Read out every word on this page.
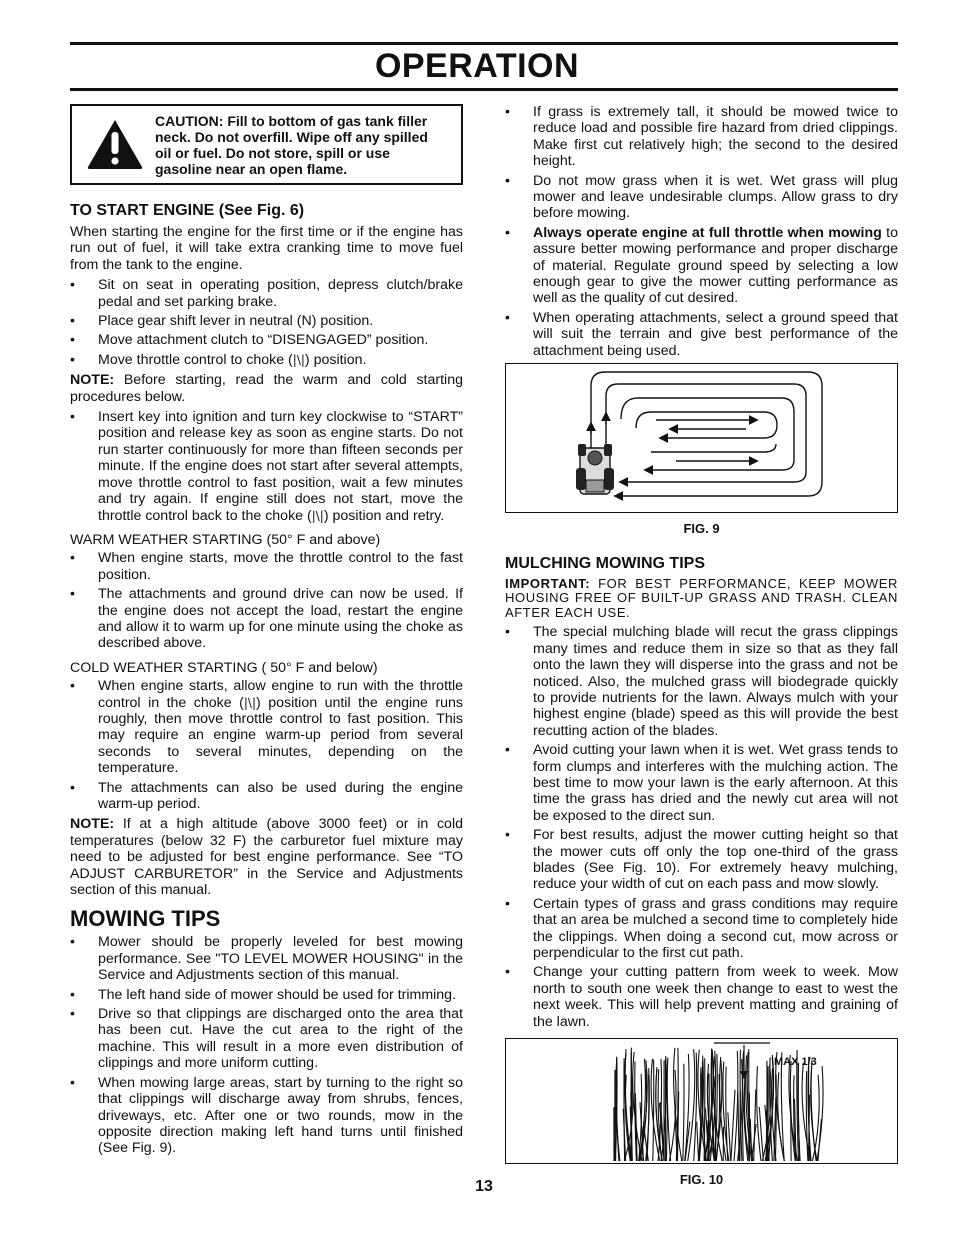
OPERATION
CAUTION: Fill to bottom of gas tank filler neck. Do not overfill. Wipe off any spilled oil or fuel. Do not store, spill or use gasoline near an open flame.
TO START ENGINE (See Fig. 6)

When starting the engine for the first time or if the engine has run out of fuel, it will take extra cranking time to move fuel from the tank to the engine.

• Sit on seat in operating position, depress clutch/brake pedal and set parking brake.
• Place gear shift lever in neutral (N) position.
• Move attachment clutch to “DISENGAGED” position.
• Move throttle control to choke (|\|) position.

NOTE: Before starting, read the warm and cold starting procedures below.

• Insert key into ignition and turn key clockwise to “START” position and release key as soon as engine starts. Do not run starter continuously for more than fifteen seconds per minute. If the engine does not start after several attempts, move throttle control to fast position, wait a few minutes and try again. If engine still does not start, move the throttle control back to the choke (|\|) position and retry.

WARM WEATHER STARTING (50° F and above)

• When engine starts, move the throttle control to the fast position.
• The attachments and ground drive can now be used. If the engine does not accept the load, restart the engine and allow it to warm up for one minute using the choke as described above.

COLD WEATHER STARTING ( 50° F and below)

• When engine starts, allow engine to run with the throttle control in the choke (|\|) position until the engine runs roughly, then move throttle control to fast position. This may require an engine warm-up period from several seconds to several minutes, depending on the temperature.
• The attachments can also be used during the engine warm-up period.

NOTE: If at a high altitude (above 3000 feet) or in cold temperatures (below 32 F) the carburetor fuel mixture may need to be adjusted for best engine performance. See “TO ADJUST CARBURETOR” in the Service and Adjustments section of this manual.

MOWING TIPS
• Mower should be properly leveled for best mowing performance. See "TO LEVEL MOWER HOUSING" in the Service and Adjustments section of this manual.
• The left hand side of mower should be used for trimming.
• Drive so that clippings are discharged onto the area that has been cut. Have the cut area to the right of the machine. This will result in a more even distribution of clippings and more uniform cutting.
• When mowing large areas, start by turning to the right so that clippings will discharge away from shrubs, fences, driveways, etc. After one or two rounds, mow in the opposite direction making left hand turns until finished (See Fig. 9).
• If grass is extremely tall, it should be mowed twice to reduce load and possible fire hazard from dried clippings. Make first cut relatively high; the second to the desired height.
• Do not mow grass when it is wet. Wet grass will plug mower and leave undesirable clumps. Allow grass to dry before mowing.
• Always operate engine at full throttle when mowing to assure better mowing performance and proper discharge of material. Regulate ground speed by selecting a low enough gear to give the mower cutting performance as well as the quality of cut desired.
• When operating attachments, select a ground speed that will suit the terrain and give best performance of the attachment being used.
FIG. 9
MULCHING MOWING TIPS

IMPORTANT: FOR BEST PERFORMANCE, KEEP MOWER HOUSING FREE OF BUILT-UP GRASS AND TRASH. CLEAN AFTER EACH USE.

• The special mulching blade will recut the grass clippings many times and reduce them in size so that as they fall onto the lawn they will disperse into the grass and not be noticed. Also, the mulched grass will biodegrade quickly to provide nutrients for the lawn. Always mulch with your highest engine (blade) speed as this will provide the best recutting action of the blades.
• Avoid cutting your lawn when it is wet. Wet grass tends to form clumps and interferes with the mulching action. The best time to mow your lawn is the early afternoon. At this time the grass has dried and the newly cut area will not be exposed to the direct sun.
• For best results, adjust the mower cutting height so that the mower cuts off only the top one-third of the grass blades (See Fig. 10). For extremely heavy mulching, reduce your width of cut on each pass and mow slowly.
• Certain types of grass and grass conditions may require that an area be mulched a second time to completely hide the clippings. When doing a second cut, mow across or perpendicular to the first cut path.
• Change your cutting pattern from week to week. Mow north to south one week then change to east to west the next week. This will help prevent matting and graining of the lawn.
MAX 1/3
FIG. 10
13
